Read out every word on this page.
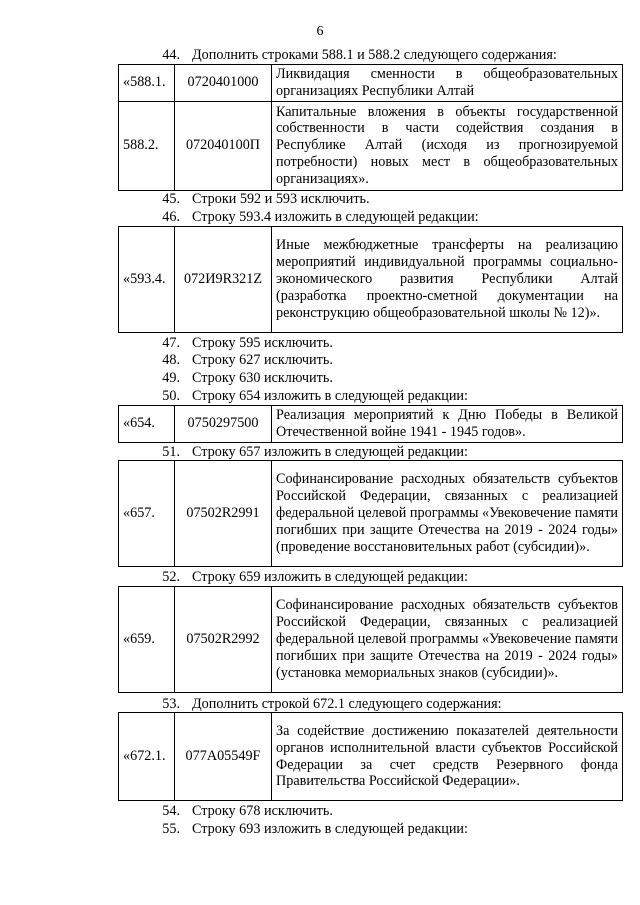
6
44. Дополнить строками 588.1 и 588.2 следующего содержания:
«588.1.	0720401000	Ликвидация сменности в общеобразовательных организациях Республики Алтай
588.2.	072040100П	Капитальные вложения в объекты государственной собственности в части содействия создания в Республике Алтай (исходя из прогнозируемой потребности) новых мест в общеобразовательных организациях».
45. Строки 592 и 593 исключить.
46. Строку 593.4 изложить в следующей редакции:
«593.4.	072И9R321Z	Иные межбюджетные трансферты на реализацию мероприятий индивидуальной программы социально-экономического развития Республики Алтай (разработка проектно-сметной документации на реконструкцию общеобразовательной школы № 12)».
47. Строку 595 исключить.
48. Строку 627 исключить.
49. Строку 630 исключить.
50. Строку 654 изложить в следующей редакции:
«654.	0750297500	Реализация мероприятий к Дню Победы в Великой Отечественной войне 1941 - 1945 годов».
51. Строку 657 изложить в следующей редакции:
«657.	07502R2991	Софинансирование расходных обязательств субъектов Российской Федерации, связанных с реализацией федеральной целевой программы «Увековечение памяти погибших при защите Отечества на 2019 - 2024 годы» (проведение восстановительных работ (субсидии)».
52. Строку 659 изложить в следующей редакции:
«659.	07502R2992	Софинансирование расходных обязательств субъектов Российской Федерации, связанных с реализацией федеральной целевой программы «Увековечение памяти погибших при защите Отечества на 2019 - 2024 годы» (установка мемориальных знаков (субсидии)».
53. Дополнить строкой 672.1 следующего содержания:
«672.1.	077A05549F	За содействие достижению показателей деятельности органов исполнительной власти субъектов Российской Федерации за счет средств Резервного фонда Правительства Российской Федерации».
54. Строку 678 исключить.
55. Строку 693 изложить в следующей редакции:
